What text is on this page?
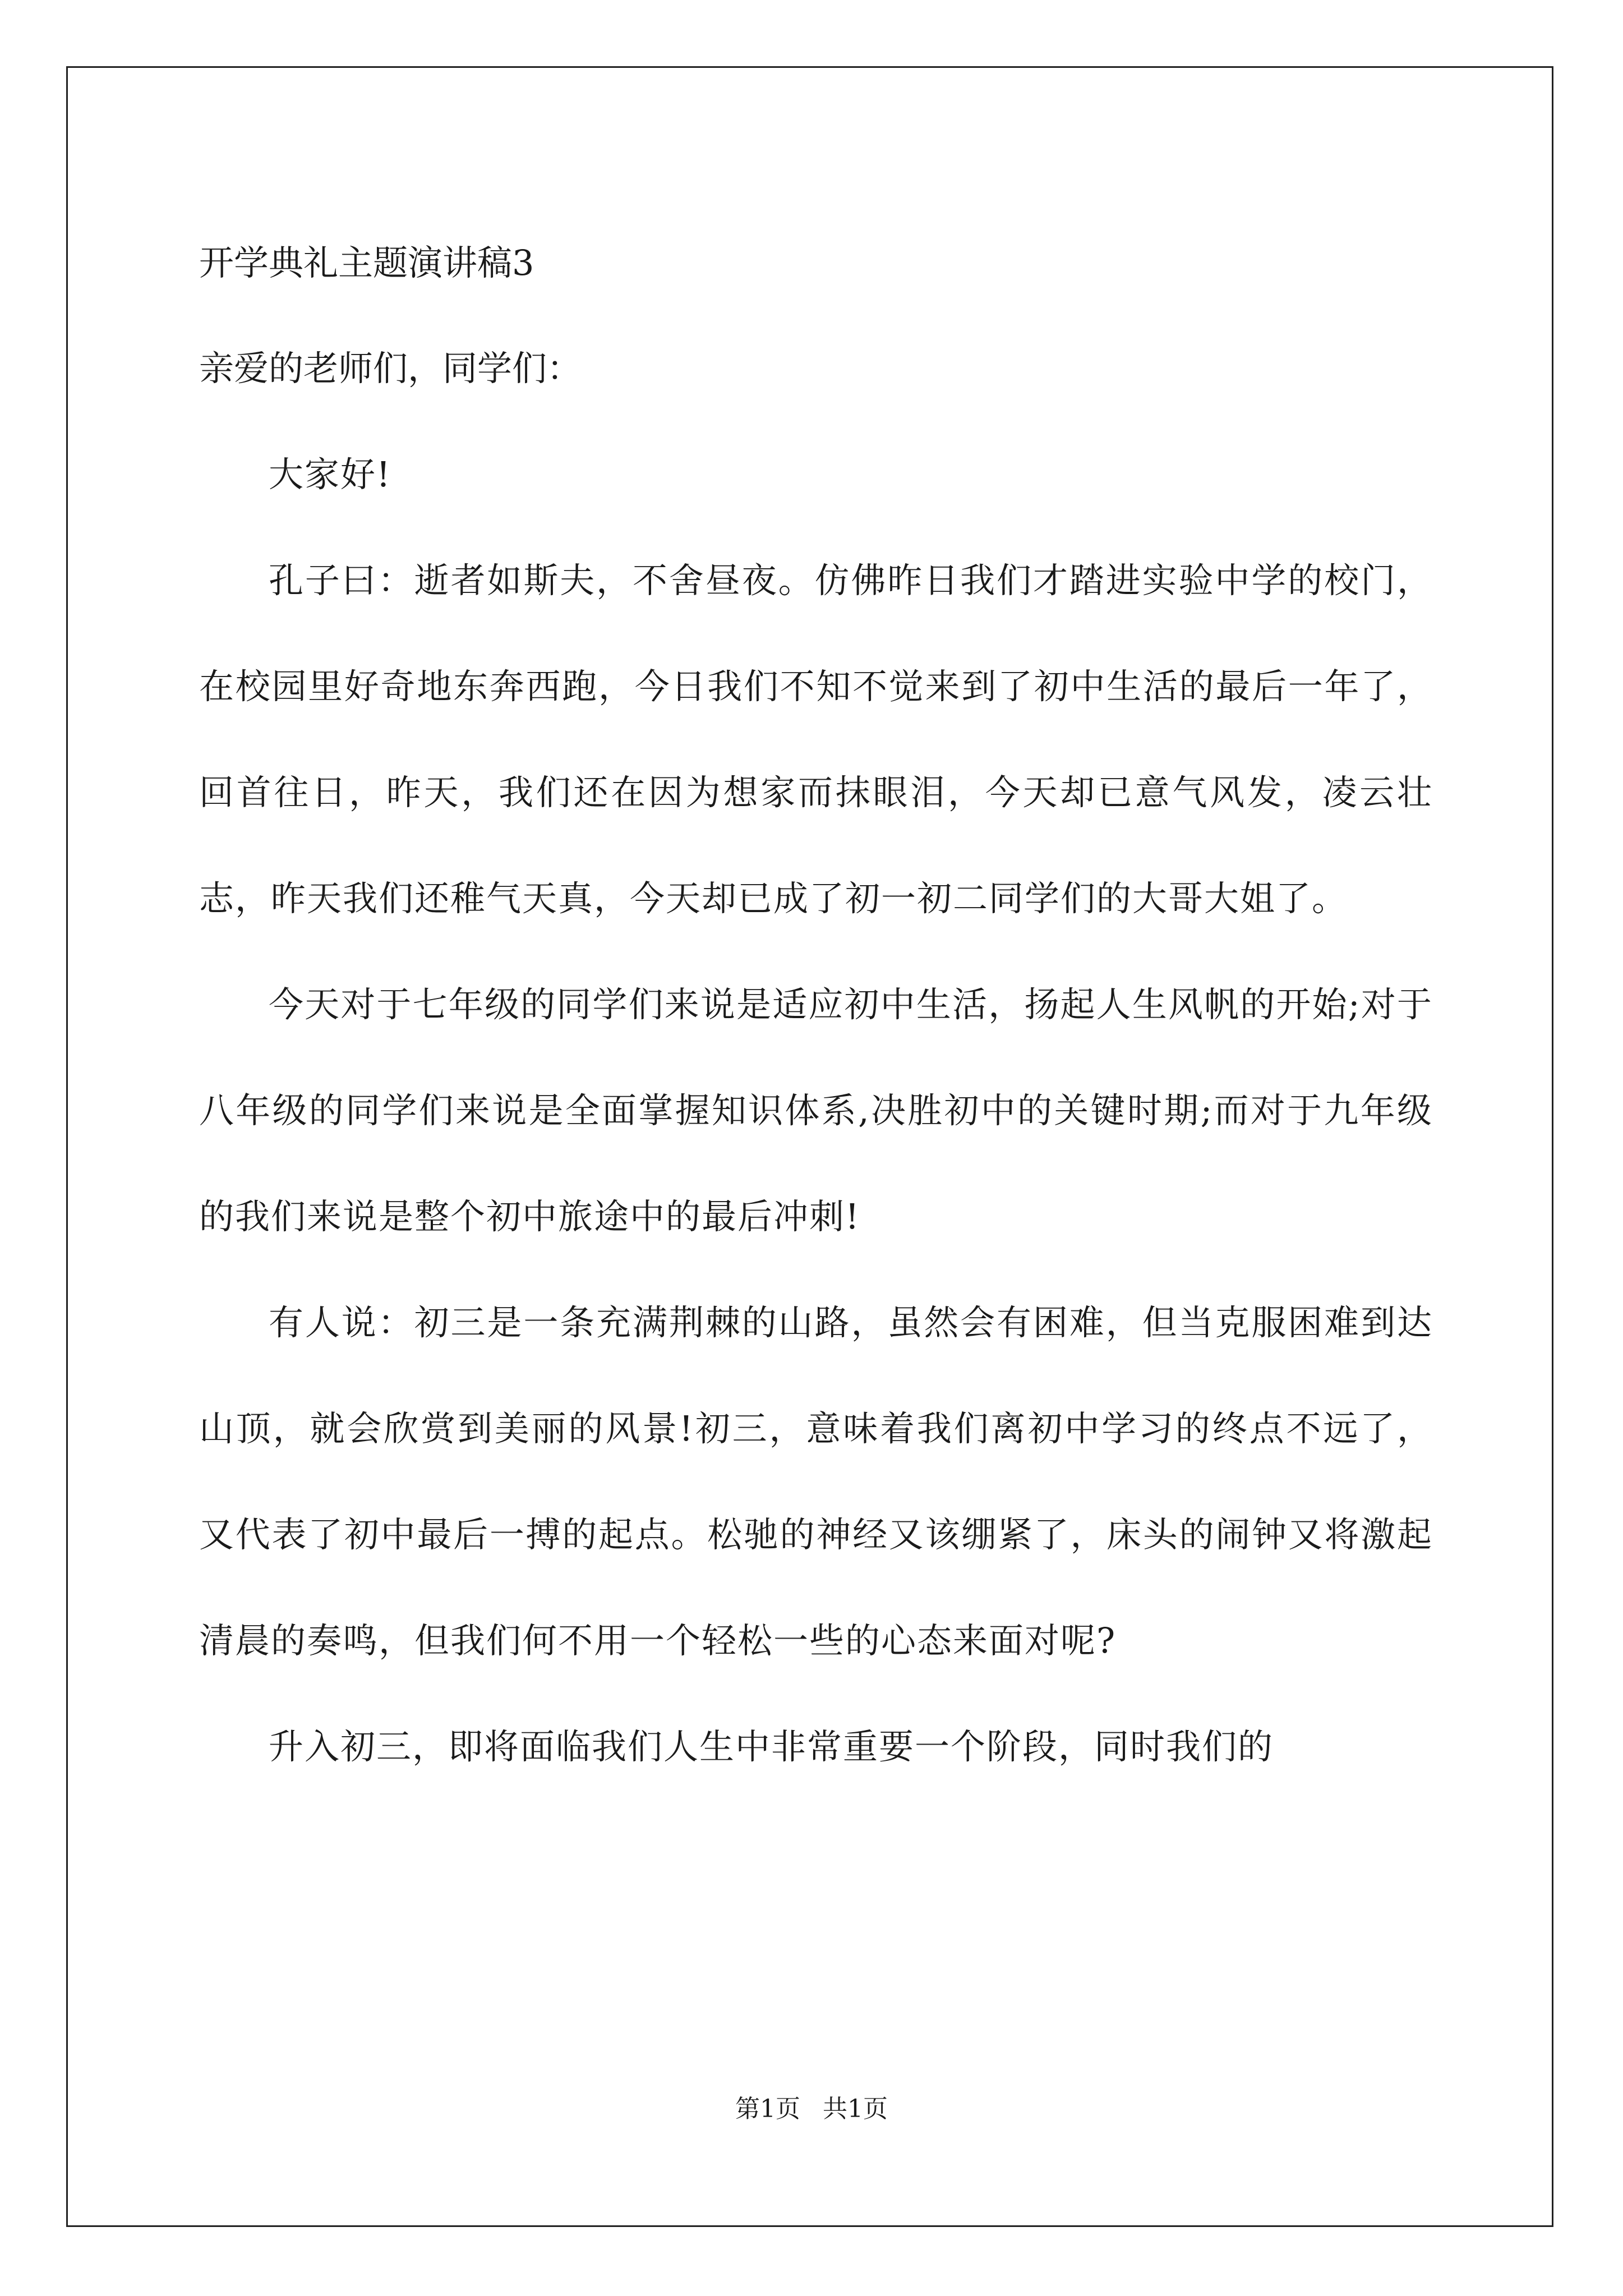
开学典礼主题演讲稿3

亲爱的老师们，同学们：

大家好!

孔子曰：逝者如斯夫，不舍昼夜。仿佛昨日我们才踏进实验中学的校门，在校园里好奇地东奔西跑，今日我们不知不觉来到了初中生活的最后一年了，回首往日，昨天，我们还在因为想家而抹眼泪，今天却已意气风发，凌云壮志，昨天我们还稚气天真，今天却已成了初一初二同学们的大哥大姐了。

今天对于七年级的同学们来说是适应初中生活，扬起人生风帆的开始;对于八年级的同学们来说是全面掌握知识体系,决胜初中的关键时期;而对于九年级的我们来说是整个初中旅途中的最后冲刺!

有人说：初三是一条充满荆棘的山路，虽然会有困难，但当克服困难到达山顶，就会欣赏到美丽的风景!初三，意味着我们离初中学习的终点不远了，又代表了初中最后一搏的起点。松驰的神经又该绷紧了，床头的闹钟又将激起清晨的奏鸣，但我们何不用一个轻松一些的心态来面对呢?

升入初三，即将面临我们人生中非常重要一个阶段，同时我们的

第1页 共1页
